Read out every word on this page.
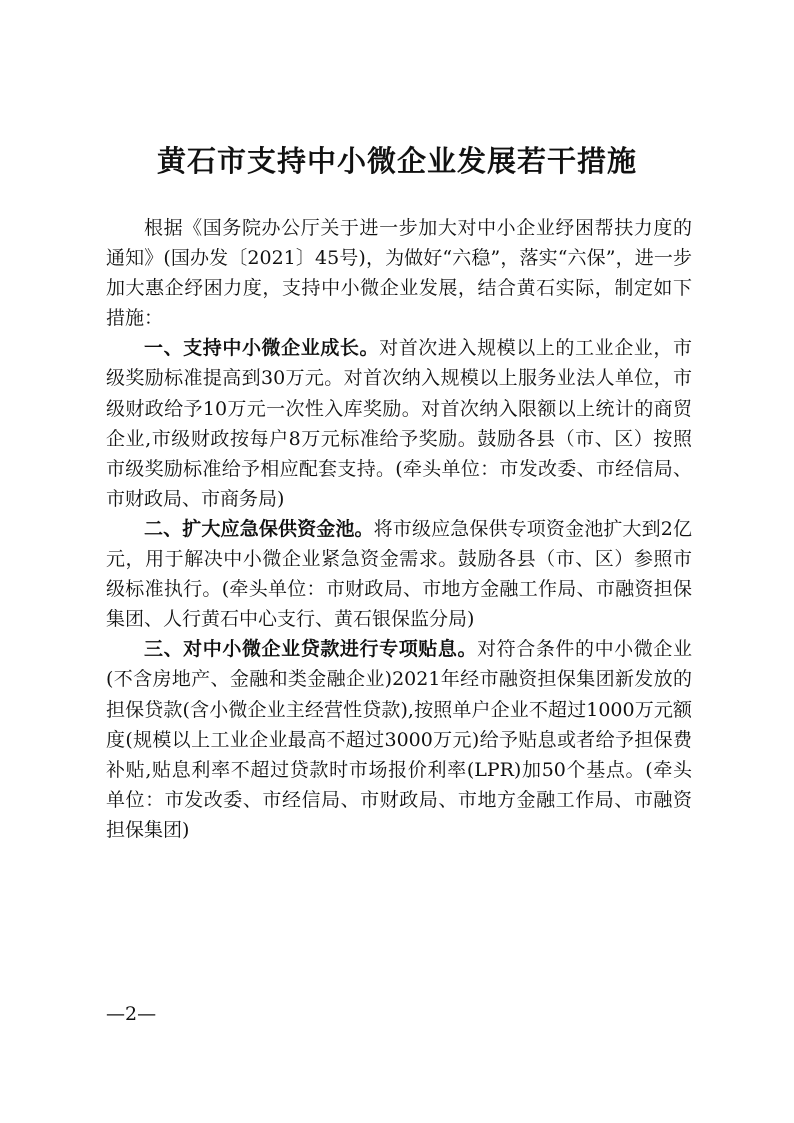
黄石市支持中小微企业发展若干措施

根据《国务院办公厅关于进一步加大对中小企业纾困帮扶力度的通知》(国办发〔2021〕45号)，为做好“六稳”，落实“六保”，进一步加大惠企纾困力度，支持中小微企业发展，结合黄石实际，制定如下措施：

一、支持中小微企业成长。对首次进入规模以上的工业企业，市级奖励标准提高到30万元。对首次纳入规模以上服务业法人单位，市级财政给予10万元一次性入库奖励。对首次纳入限额以上统计的商贸企业,市级财政按每户8万元标准给予奖励。鼓励各县（市、区）按照市级奖励标准给予相应配套支持。(牵头单位：市发改委、市经信局、市财政局、市商务局)

二、扩大应急保供资金池。将市级应急保供专项资金池扩大到2亿元，用于解决中小微企业紧急资金需求。鼓励各县（市、区）参照市级标准执行。(牵头单位：市财政局、市地方金融工作局、市融资担保集团、人行黄石中心支行、黄石银保监分局)

三、对中小微企业贷款进行专项贴息。对符合条件的中小微企业(不含房地产、金融和类金融企业)2021年经市融资担保集团新发放的担保贷款(含小微企业主经营性贷款),按照单户企业不超过1000万元额度(规模以上工业企业最高不超过3000万元)给予贴息或者给予担保费补贴,贴息利率不超过贷款时市场报价利率(LPR)加50个基点。(牵头单位：市发改委、市经信局、市财政局、市地方金融工作局、市融资担保集团)

—2—
